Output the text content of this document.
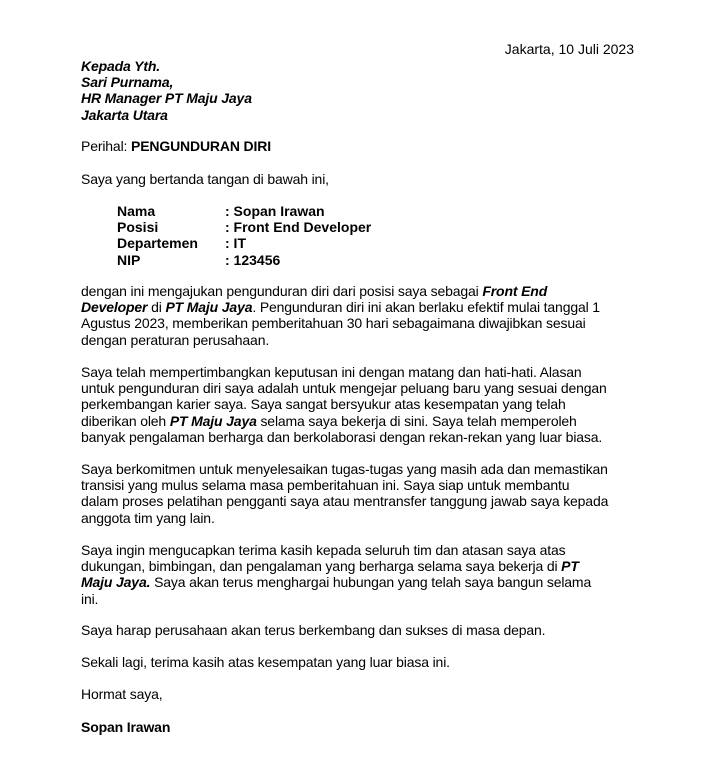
Jakarta, 10 Juli 2023
Kepada Yth.
Sari Purnama,
HR Manager PT Maju Jaya
Jakarta Utara
Perihal: PENGUNDURAN DIRI
Saya yang bertanda tangan di bawah ini,
Nama	: Sopan Irawan
Posisi	: Front End Developer
Departemen	: IT
NIP	: 123456
dengan ini mengajukan pengunduran diri dari posisi saya sebagai Front End
Developer di PT Maju Jaya. Pengunduran diri ini akan berlaku efektif mulai tanggal 1
Agustus 2023, memberikan pemberitahuan 30 hari sebagaimana diwajibkan sesuai
dengan peraturan perusahaan.
Saya telah mempertimbangkan keputusan ini dengan matang dan hati-hati. Alasan
untuk pengunduran diri saya adalah untuk mengejar peluang baru yang sesuai dengan
perkembangan karier saya. Saya sangat bersyukur atas kesempatan yang telah
diberikan oleh PT Maju Jaya selama saya bekerja di sini. Saya telah memperoleh
banyak pengalaman berharga dan berkolaborasi dengan rekan-rekan yang luar biasa.
Saya berkomitmen untuk menyelesaikan tugas-tugas yang masih ada dan memastikan
transisi yang mulus selama masa pemberitahuan ini. Saya siap untuk membantu
dalam proses pelatihan pengganti saya atau mentransfer tanggung jawab saya kepada
anggota tim yang lain.
Saya ingin mengucapkan terima kasih kepada seluruh tim dan atasan saya atas
dukungan, bimbingan, dan pengalaman yang berharga selama saya bekerja di PT
Maju Jaya. Saya akan terus menghargai hubungan yang telah saya bangun selama
ini.
Saya harap perusahaan akan terus berkembang dan sukses di masa depan.
Sekali lagi, terima kasih atas kesempatan yang luar biasa ini.
Hormat saya,
Sopan Irawan
